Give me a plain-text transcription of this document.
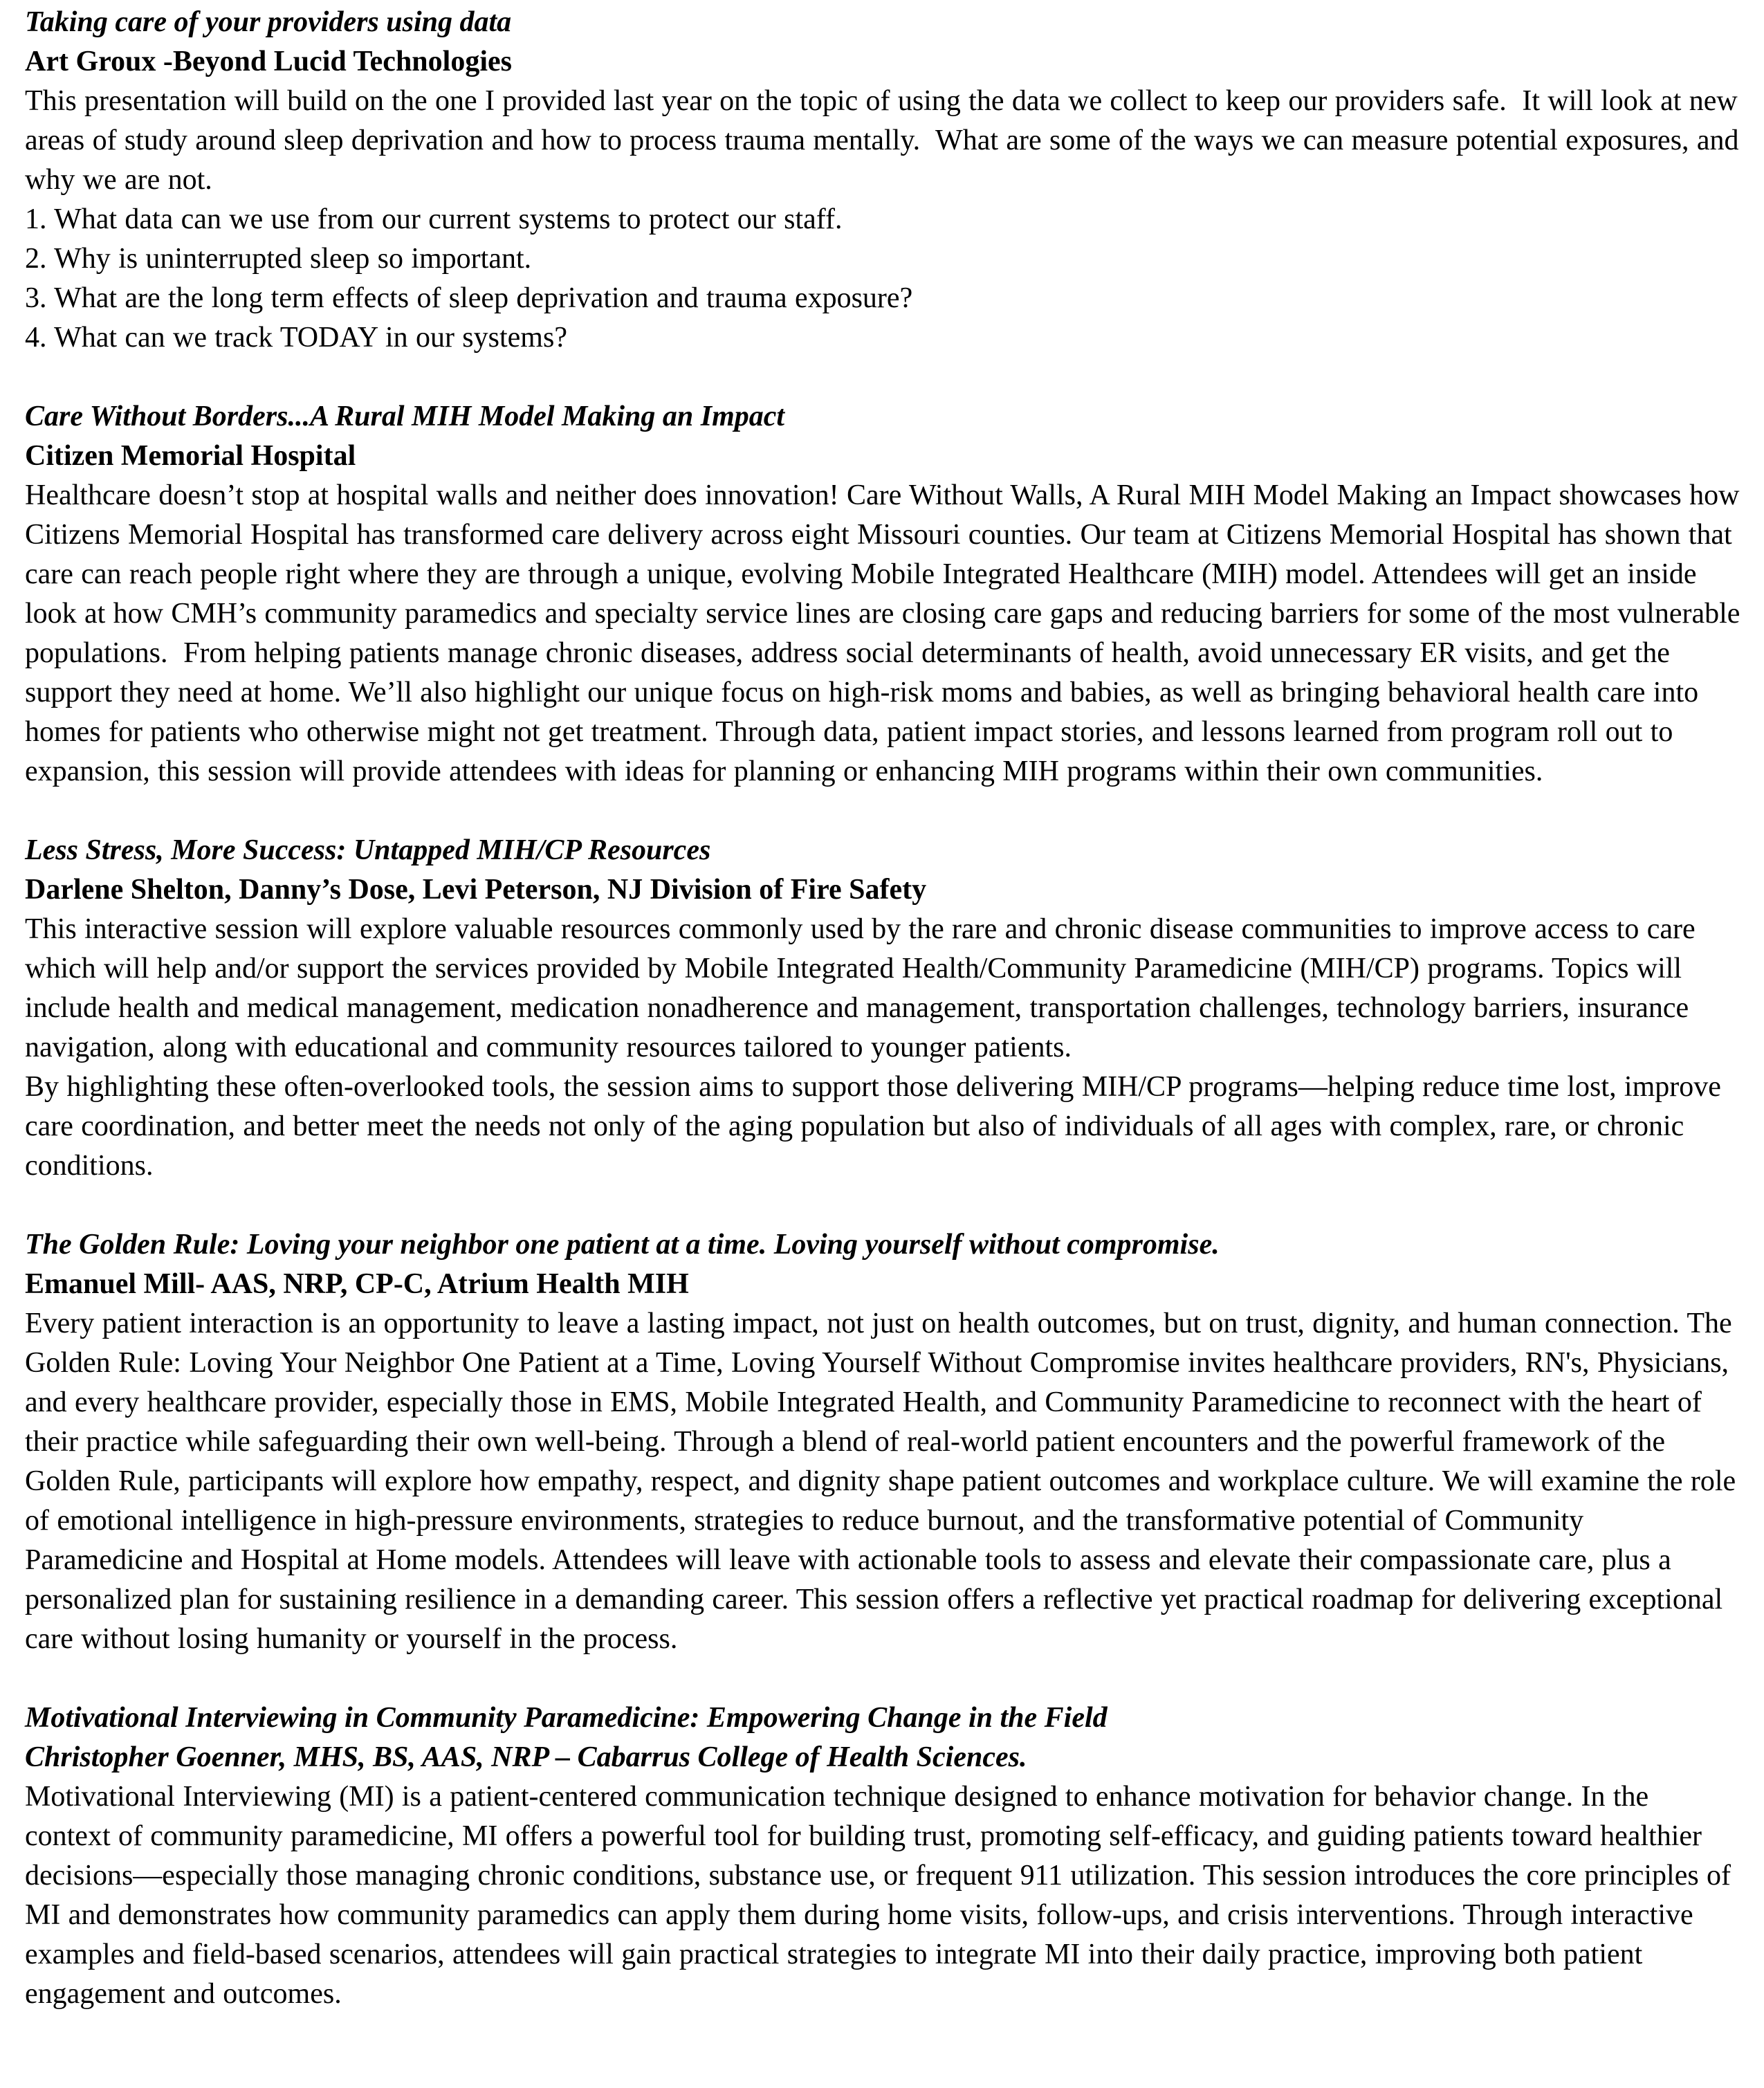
Taking care of your providers using data
Art Groux -Beyond Lucid Technologies

This presentation will build on the one I provided last year on the topic of using the data we collect to keep our providers safe.  It will look at new areas of study around sleep deprivation and how to process trauma mentally.  What are some of the ways we can measure potential exposures, and why we are not.

1. What data can we use from our current systems to protect our staff.

2. Why is uninterrupted sleep so important.

3. What are the long term effects of sleep deprivation and trauma exposure?

4. What can we track TODAY in our systems?

Care Without Borders...A Rural MIH Model Making an Impact
Citizen Memorial Hospital

Healthcare doesn’t stop at hospital walls and neither does innovation! Care Without Walls, A Rural MIH Model Making an Impact showcases how Citizens Memorial Hospital has transformed care delivery across eight Missouri counties. Our team at Citizens Memorial Hospital has shown that care can reach people right where they are through a unique, evolving Mobile Integrated Healthcare (MIH) model. Attendees will get an inside look at how CMH’s community paramedics and specialty service lines are closing care gaps and reducing barriers for some of the most vulnerable populations.  From helping patients manage chronic diseases, address social determinants of health, avoid unnecessary ER visits, and get the support they need at home. We’ll also highlight our unique focus on high-risk moms and babies, as well as bringing behavioral health care into homes for patients who otherwise might not get treatment. Through data, patient impact stories, and lessons learned from program roll out to expansion, this session will provide attendees with ideas for planning or enhancing MIH programs within their own communities.

Less Stress, More Success: Untapped MIH/CP Resources
Darlene Shelton, Danny’s Dose, Levi Peterson, NJ Division of Fire Safety

This interactive session will explore valuable resources commonly used by the rare and chronic disease communities to improve access to care which will help and/or support the services provided by Mobile Integrated Health/Community Paramedicine (MIH/CP) programs. Topics will include health and medical management, medication nonadherence and management, transportation challenges, technology barriers, insurance navigation, along with educational and community resources tailored to younger patients.

By highlighting these often-overlooked tools, the session aims to support those delivering MIH/CP programs—helping reduce time lost, improve care coordination, and better meet the needs not only of the aging population but also of individuals of all ages with complex, rare, or chronic conditions.

The Golden Rule: Loving your neighbor one patient at a time. Loving yourself without compromise.
Emanuel Mill- AAS, NRP, CP-C, Atrium Health MIH

Every patient interaction is an opportunity to leave a lasting impact, not just on health outcomes, but on trust, dignity, and human connection. The Golden Rule: Loving Your Neighbor One Patient at a Time, Loving Yourself Without Compromise invites healthcare providers, RN's, Physicians, and every healthcare provider, especially those in EMS, Mobile Integrated Health, and Community Paramedicine to reconnect with the heart of their practice while safeguarding their own well-being. Through a blend of real-world patient encounters and the powerful framework of the Golden Rule, participants will explore how empathy, respect, and dignity shape patient outcomes and workplace culture. We will examine the role of emotional intelligence in high-pressure environments, strategies to reduce burnout, and the transformative potential of Community Paramedicine and Hospital at Home models. Attendees will leave with actionable tools to assess and elevate their compassionate care, plus a personalized plan for sustaining resilience in a demanding career. This session offers a reflective yet practical roadmap for delivering exceptional care without losing humanity or yourself in the process.

Motivational Interviewing in Community Paramedicine: Empowering Change in the Field
Christopher Goenner, MHS, BS, AAS, NRP – Cabarrus College of Health Sciences.

Motivational Interviewing (MI) is a patient-centered communication technique designed to enhance motivation for behavior change. In the context of community paramedicine, MI offers a powerful tool for building trust, promoting self-efficacy, and guiding patients toward healthier decisions—especially those managing chronic conditions, substance use, or frequent 911 utilization. This session introduces the core principles of MI and demonstrates how community paramedics can apply them during home visits, follow-ups, and crisis interventions. Through interactive examples and field-based scenarios, attendees will gain practical strategies to integrate MI into their daily practice, improving both patient engagement and outcomes.
